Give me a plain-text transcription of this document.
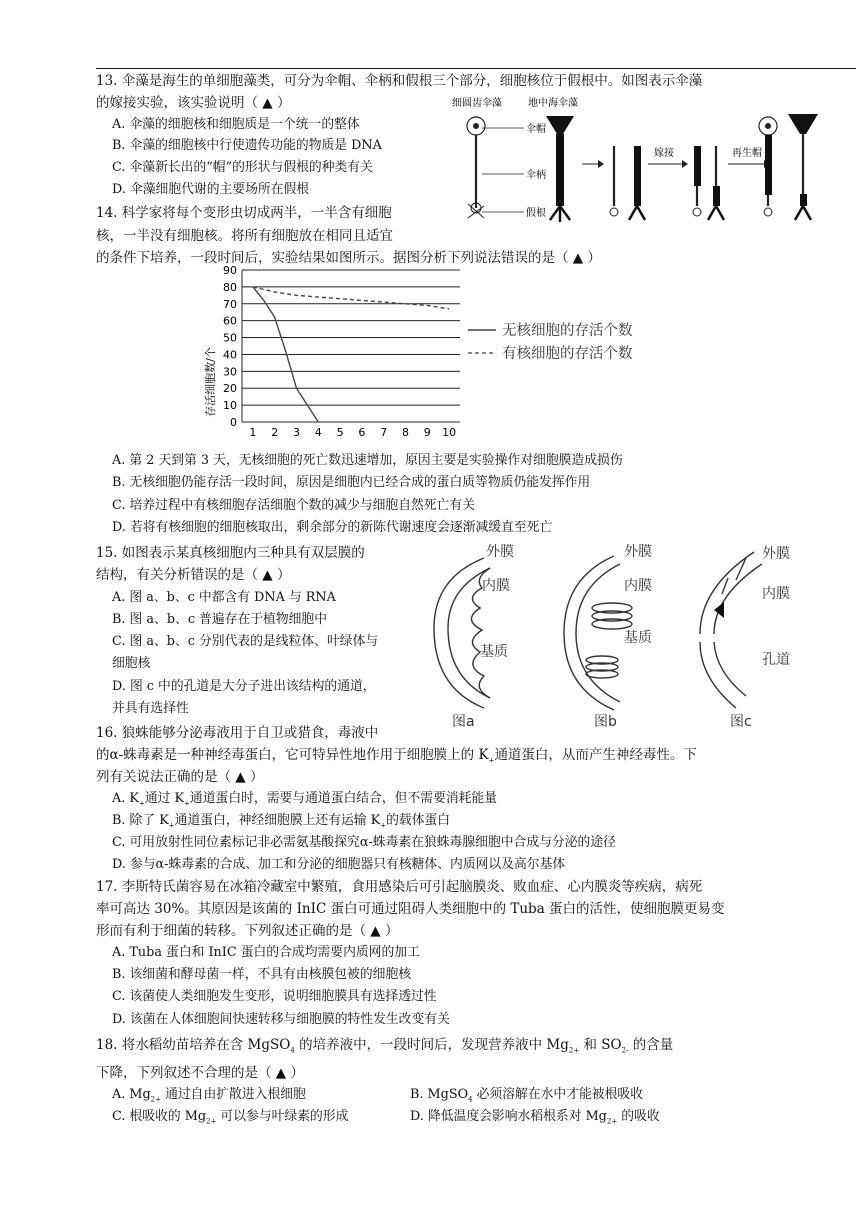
13. 伞藻是海生的单细胞藻类，可分为伞帽、伞柄和假根三个部分，细胞核位于假根中。如图表示伞藻
的嫁接实验，该实验说明（ ▲ ）
A. 伞藻的细胞核和细胞质是一个统一的整体
B. 伞藻的细胞核中行使遗传功能的物质是 DNA
C. 伞藻新长出的“帽”的形状与假根的种类有关
D. 伞藻细胞代谢的主要场所在假根
细圆齿伞藻	地中海伞藻
伞帽
伞柄
假根
嫁接	再生帽
14. 科学家将每个变形虫切成两半，一半含有细胞
核，一半没有细胞核。将所有细胞放在相同且适宜
的条件下培养，一段时间后，实验结果如图所示。据图分析下列说法错误的是（ ▲ ）
存活细胞数/个
0
10
20
30
40
50
60
70
80
90
1 2 3 4 5 6 7 8 9 10
无核细胞的存活个数
有核细胞的存活个数
A. 第 2 天到第 3 天，无核细胞的死亡数迅速增加，原因主要是实验操作对细胞膜造成损伤
B. 无核细胞仍能存活一段时间，原因是细胞内已经合成的蛋白质等物质仍能发挥作用
C. 培养过程中有核细胞存活细胞个数的减少与细胞自然死亡有关
D. 若将有核细胞的细胞核取出，剩余部分的新陈代谢速度会逐渐减缓直至死亡
15. 如图表示某真核细胞内三种具有双层膜的
结构，有关分析错误的是（ ▲ ）
A. 图 a、b、c 中都含有 DNA 与 RNA
B. 图 a、b、c 普遍存在于植物细胞中
C. 图 a、b、c 分别代表的是线粒体、叶绿体与
细胞核
D. 图 c 中的孔道是大分子进出该结构的通道，
并具有选择性
外膜
内膜
基质
图a
外膜
内膜
基质
图b
外膜
内膜
孔道
图c
16. 狼蛛能够分泌毒液用于自卫或猎食，毒液中
的α-蛛毒素是一种神经毒蛋白，它可特异性地作用于细胞膜上的 $K_+$通道蛋白，从而产生神经毒性。下
列有关说法正确的是（ ▲ ）
A. $K_+$通过 $K_+$通道蛋白时，需要与通道蛋白结合，但不需要消耗能量
B. 除了 $K_+$通道蛋白，神经细胞膜上还有运输 $K_+$的载体蛋白
C. 可用放射性同位素标记非必需氨基酸探究α-蛛毒素在狼蛛毒腺细胞中合成与分泌的途径
D. 参与α-蛛毒素的合成、加工和分泌的细胞器只有核糖体、内质网以及高尔基体
17. 李斯特氏菌容易在冰箱冷藏室中繁殖，食用感染后可引起脑膜炎、败血症、心内膜炎等疾病，病死
率可高达 30%。其原因是该菌的 InIC 蛋白可通过阻碍人类细胞中的 Tuba 蛋白的活性，使细胞膜更易变
形而有利于细菌的转移。下列叙述正确的是（ ▲ ）
A. Tuba 蛋白和 InIC 蛋白的合成均需要内质网的加工
B. 该细菌和酵母菌一样，不具有由核膜包被的细胞核
C. 该菌使人类细胞发生变形，说明细胞膜具有选择透过性
D. 该菌在人体细胞间快速转移与细胞膜的特性发生改变有关
18. 将水稻幼苗培养在含 MgSO$_4$ 的培养液中，一段时间后，发现营养液中 $Mg_{2+}$ 和 $SO_{2-}$ 的含量
下降，下列叙述不合理的是（ ▲ ）
A. $Mg_{2+}$ 通过自由扩散进入根细胞	B. MgSO$_4$ 必须溶解在水中才能被根吸收
C. 根吸收的 $Mg_{2+}$ 可以参与叶绿素的形成	D. 降低温度会影响水稻根系对 $Mg_{2+}$ 的吸收
